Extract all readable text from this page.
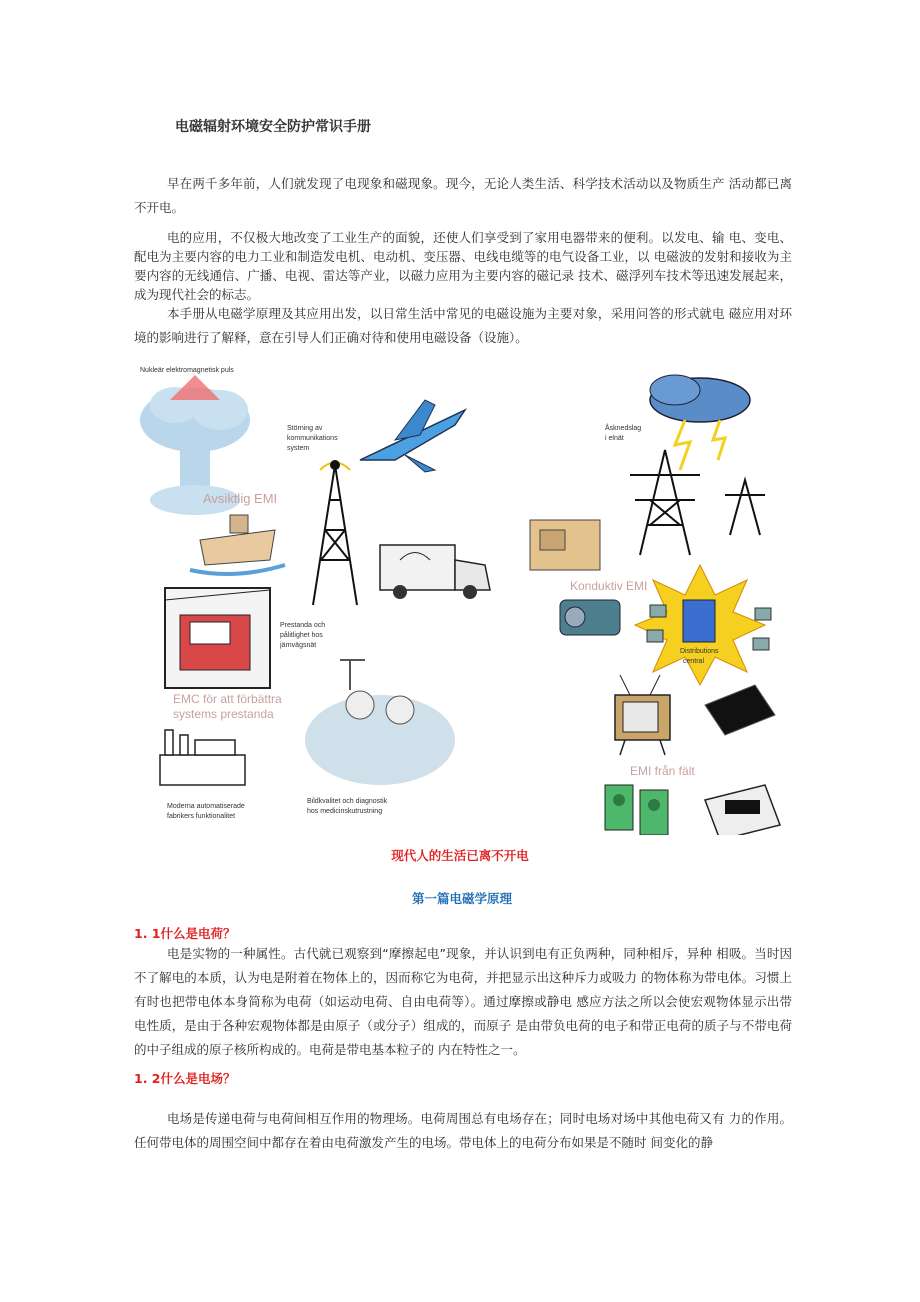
电磁辐射环境安全防护常识手册

早在两千多年前，人们就发现了电现象和磁现象。现今，无论人类生活、科学技术活动以及物质生产 活动都已离不开电。

电的应用，不仅极大地改变了工业生产的面貌，还使人们享受到了家用电器带来的便利。以发电、输 电、变电、配电为主要内容的电力工业和制造发电机、电动机、变压器、电线电缆等的电气设备工业，以 电磁波的发射和接收为主要内容的无线通信、广播、电视、雷达等产业，以磁力应用为主要内容的磁记录 技术、磁浮列车技术等迅速发展起来，成为现代社会的标志。

本手册从电磁学原理及其应用出发，以日常生活中常见的电磁设施为主要对象，采用问答的形式就电 磁应用对环境的影响进行了解释，意在引导人们正确对待和使用电磁设备（设施）。

Nukleär elektromagnetisk puls
Avsiktlig EMI
Störning av
kommunikations
system
Prestanda och
pålitlighet hos
järnvägsnät
EMC för att förbättra
systems prestanda
Moderna automatiserade
fabrikers funktionalitet
Bildkvalitet och diagnostik
hos medicinskutrustning
Åsknedslag
i elnät
Konduktiv EMI
Distributions
central
EMI från fält
现代人的生活已离不开电
第一篇电磁学原理
1. 1什么是电荷？

电是实物的一种属性。古代就已观察到“摩擦起电”现象，并认识到电有正负两种，同种相斥，异种 相吸。当时因不了解电的本质，认为电是附着在物体上的，因而称它为电荷，并把显示出这种斥力或吸力 的物体称为带电体。习惯上有时也把带电体本身简称为电荷（如运动电荷、自由电荷等）。通过摩擦或静电 感应方法之所以会使宏观物体显示出带电性质，是由于各种宏观物体都是由原子（或分子）组成的，而原子 是由带负电荷的电子和带正电荷的质子与不带电荷的中子组成的原子核所构成的。电荷是带电基本粒子的 内在特性之一。

1. 2什么是电场？

电场是传递电荷与电荷间相互作用的物理场。电荷周围总有电场存在；同时电场对场中其他电荷又有 力的作用。任何带电体的周围空间中都存在着由电荷激发产生的电场。带电体上的电荷分布如果是不随时 间变化的静
